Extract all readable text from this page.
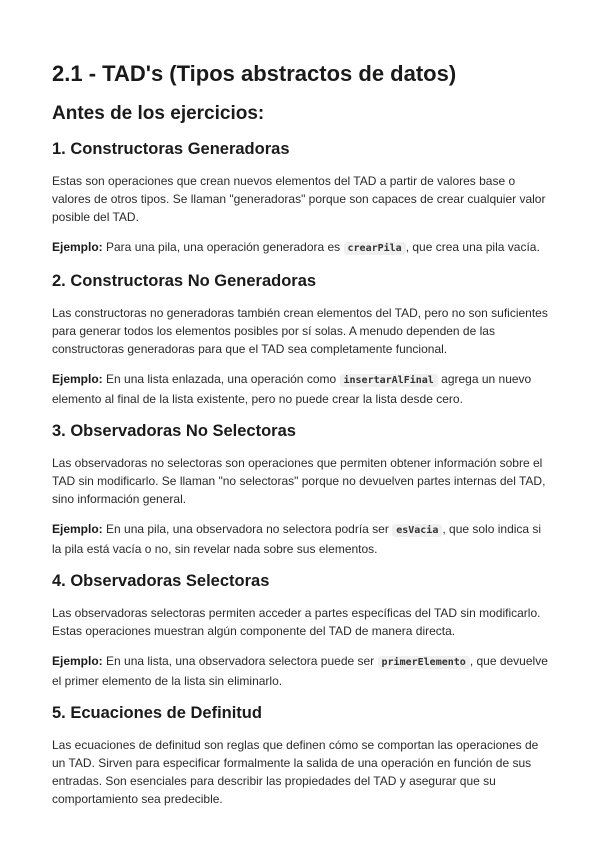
2.1 - TAD's (Tipos abstractos de datos)
Antes de los ejercicios:
1. Constructoras Generadoras

Estas son operaciones que crean nuevos elementos del TAD a partir de valores base o valores de otros tipos. Se llaman "generadoras" porque son capaces de crear cualquier valor posible del TAD.

Ejemplo: Para una pila, una operación generadora es crearPila , que crea una pila vacía.

2. Constructoras No Generadoras

Las constructoras no generadoras también crean elementos del TAD, pero no son suficientes para generar todos los elementos posibles por sí solas. A menudo dependen de las constructoras generadoras para que el TAD sea completamente funcional.

Ejemplo: En una lista enlazada, una operación como insertarAlFinal agrega un nuevo elemento al final de la lista existente, pero no puede crear la lista desde cero.

3. Observadoras No Selectoras

Las observadoras no selectoras son operaciones que permiten obtener información sobre el TAD sin modificarlo. Se llaman "no selectoras" porque no devuelven partes internas del TAD, sino información general.

Ejemplo: En una pila, una observadora no selectora podría ser esVacia , que solo indica si la pila está vacía o no, sin revelar nada sobre sus elementos.

4. Observadoras Selectoras

Las observadoras selectoras permiten acceder a partes específicas del TAD sin modificarlo. Estas operaciones muestran algún componente del TAD de manera directa.

Ejemplo: En una lista, una observadora selectora puede ser primerElemento , que devuelve el primer elemento de la lista sin eliminarlo.

5. Ecuaciones de Definitud

Las ecuaciones de definitud son reglas que definen cómo se comportan las operaciones de un TAD. Sirven para especificar formalmente la salida de una operación en función de sus entradas. Son esenciales para describir las propiedades del TAD y asegurar que su comportamiento sea predecible.
